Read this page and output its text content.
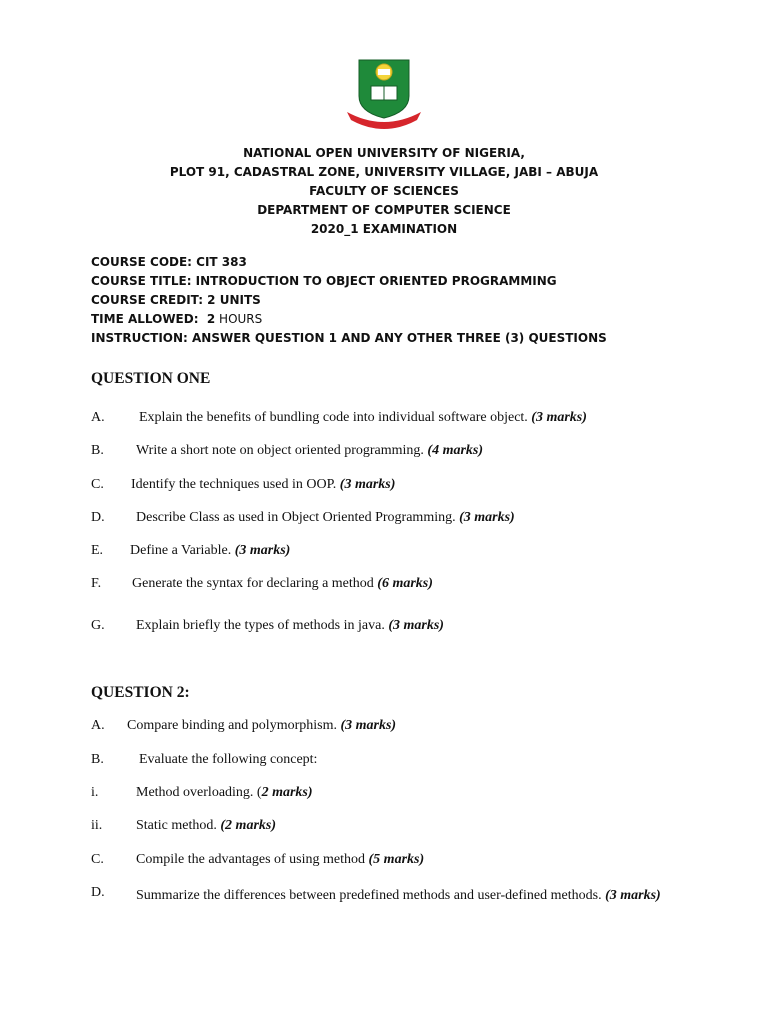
NATIONAL OPEN UNIVERSITY OF NIGERIA,
PLOT 91, CADASTRAL ZONE, UNIVERSITY VILLAGE, JABI – ABUJA
FACULTY OF SCIENCES
DEPARTMENT OF COMPUTER SCIENCE
2020_1 EXAMINATION
COURSE CODE: CIT 383
COURSE TITLE: INTRODUCTION TO OBJECT ORIENTED PROGRAMMING
COURSE CREDIT: 2 UNITS
TIME ALLOWED:  2 HOURS
INSTRUCTION: ANSWER QUESTION 1 AND ANY OTHER THREE (3) QUESTIONS
QUESTION ONE
A. Explain the benefits of bundling code into individual software object. (3 marks)
B. Write a short note on object oriented programming. (4 marks)
C. Identify the techniques used in OOP. (3 marks)
D. Describe Class as used in Object Oriented Programming. (3 marks)
E. Define a Variable. (3 marks)
F. Generate the syntax for declaring a method (6 marks)
G. Explain briefly the types of methods in java. (3 marks)
QUESTION 2:
A. Compare binding and polymorphism. (3 marks)
B.	Evaluate the following concept:
i.	Method overloading. (2 marks)
ii. Static method. (2 marks)
C. Compile the advantages of using method (5 marks)
D. Summarize the differences between predefined methods and user-defined methods. (3 marks)
